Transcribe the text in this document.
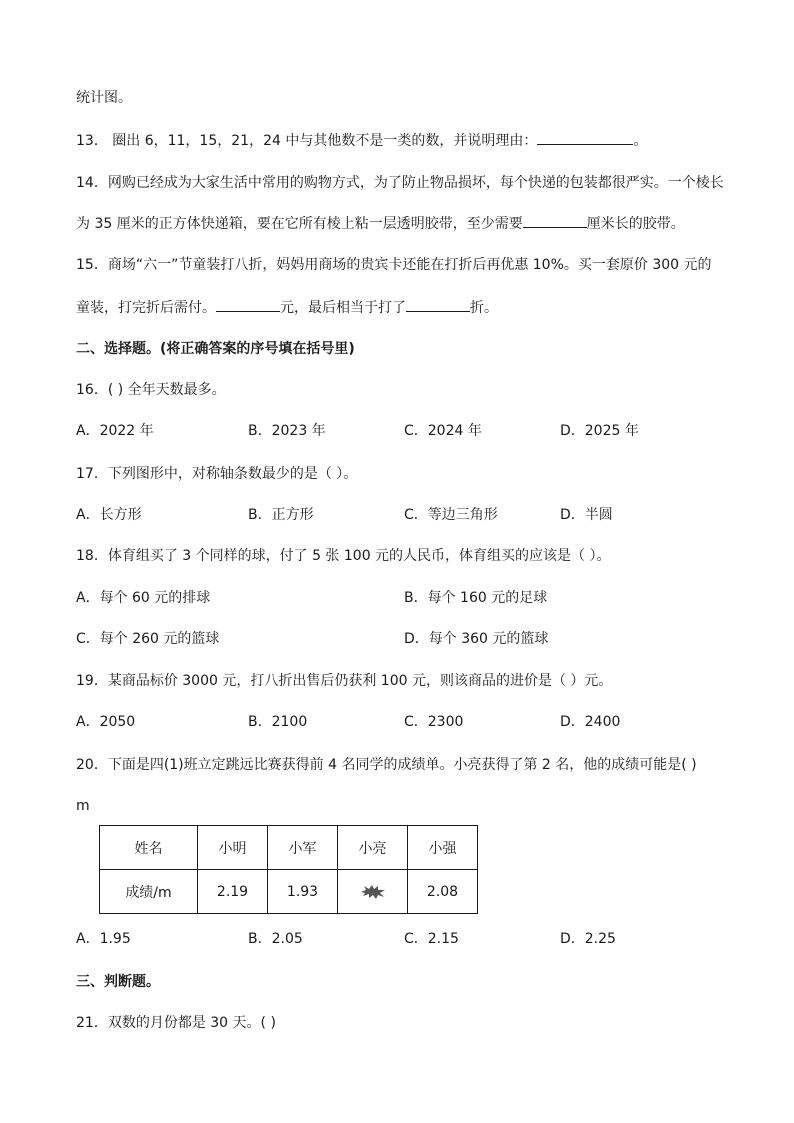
统计图。
13． 圈出 6，11，15，21，24 中与其他数不是一类的数，并说明理由：	。
14．网购已经成为大家生活中常用的购物方式，为了防止物品损坏，每个快递的包装都很严实。一个棱长
为 35 厘米的正方体快递箱，要在它所有棱上粘一层透明胶带，至少需要	厘米长的胶带。
15．商场“六一”节童装打八折，妈妈用商场的贵宾卡还能在打折后再优惠 10%。买一套原价 300 元的
童装，打完折后需付。	元，最后相当于打了	折。
二、选择题。(将正确答案的序号填在括号里)
16．( ) 全年天数最多。
A．2022 年	B．2023 年	C．2024 年	D．2025 年
17．下列图形中，对称轴条数最少的是（ ）。
A．长方形	B．正方形	C．等边三角形	D．半圆
18．体育组买了 3 个同样的球，付了 5 张 100 元的人民币，体育组买的应该是（ ）。
A．每个 60 元的排球	B．每个 160 元的足球
C．每个 260 元的篮球	D．每个 360 元的篮球
19．某商品标价 3000 元，打八折出售后仍获利 100 元，则该商品的进价是（ ）元。
A．2050	B．2100	C．2300	D．2400
20．下面是四(1)班立定跳远比赛获得前 4 名同学的成绩单。小亮获得了第 2 名，他的成绩可能是( )
m
姓名	小明	小军	小亮	小强
成绩/m	2.19	1.93		2.08
A．1.95	B．2.05	C．2.15	D．2.25
三、判断题。
21．双数的月份都是 30 天。( )
